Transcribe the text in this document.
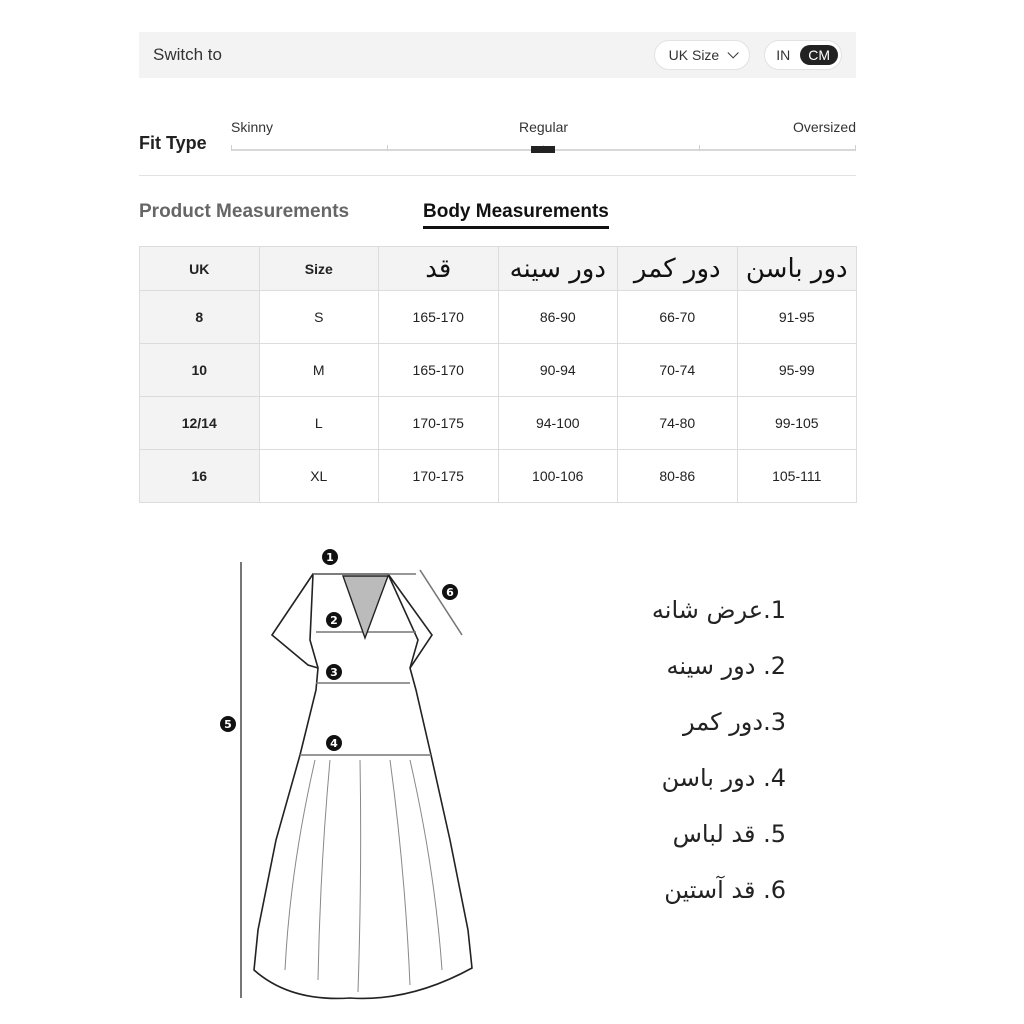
Switch to	UK Size	IN	CM
Fit Type
Skinny	Regular	Oversized
Product Measurements	Body Measurements
UK	Size	قد	دور سینه	دور کمر	دور باسن
8	S	165-170	86-90	66-70	91-95
10	M	165-170	90-94	70-74	95-99
12/14	L	170-175	94-100	74-80	99-105
16	XL	170-175	100-106	80-86	105-111
1
2
3
4
5
6
1.عرض شانه
2. دور سینه
3.دور کمر
4. دور باسن
5. قد لباس
6. قد آستین
